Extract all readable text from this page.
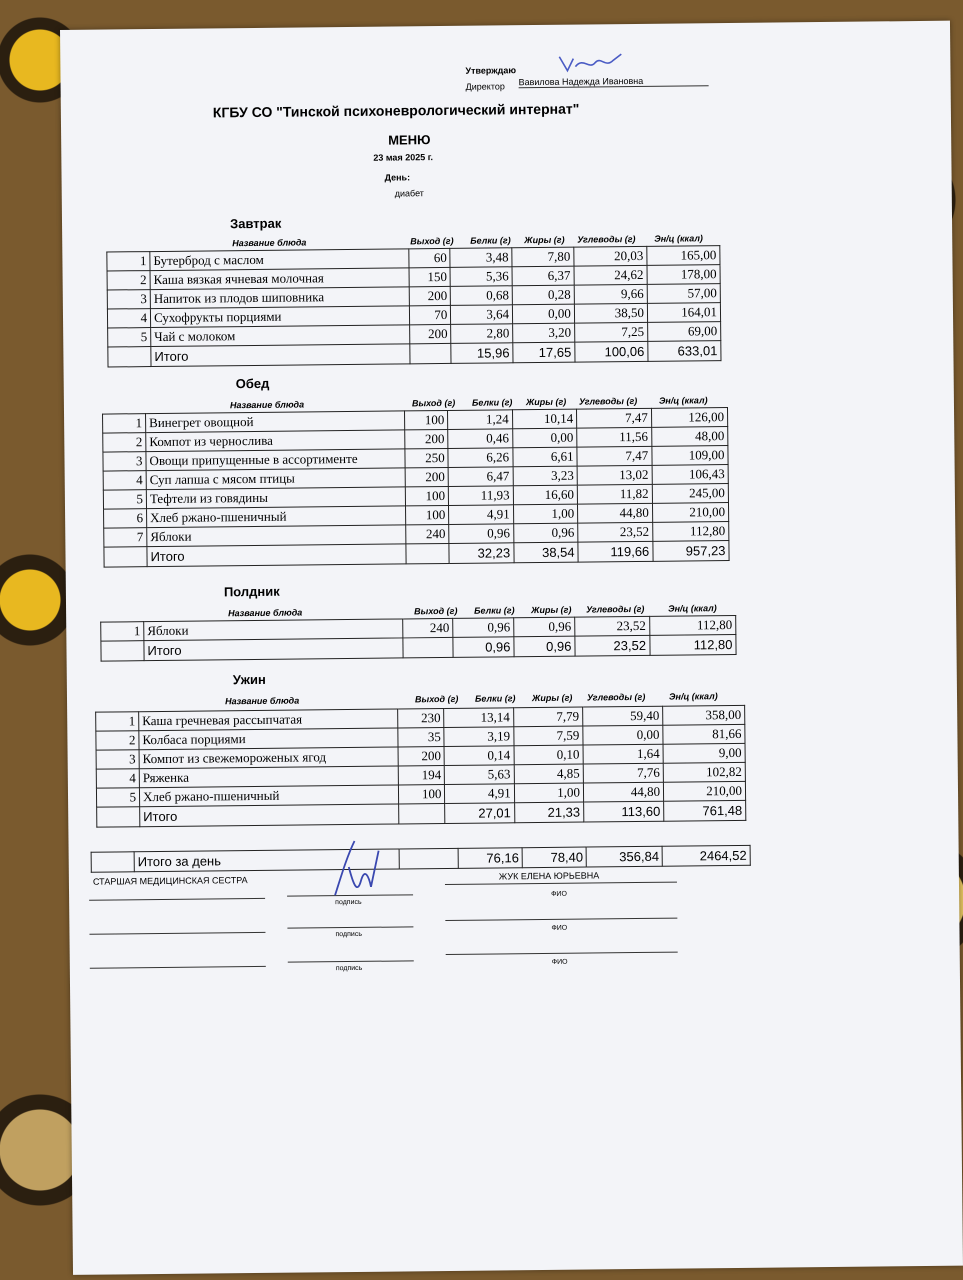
Утверждаю
Директор Вавилова Надежда Ивановна
КГБУ СО "Тинской психоневрологический интернат"
МЕНЮ
23 мая 2025 г.
День:
диабет
Завтрак
Название блюда	Выход (г) Белки (г) Жиры (г) Углеводы (г) Эн/ц (ккал)
1	Бутерброд с маслом	60	3,48	7,80	20,03	165,00
2	Каша вязкая ячневая молочная	150	5,36	6,37	24,62	178,00
3	Напиток из плодов шиповника	200	0,68	0,28	9,66	57,00
4	Сухофрукты порциями	70	3,64	0,00	38,50	164,01
5	Чай с молоком	200	2,80	3,20	7,25	69,00
	Итого		15,96	17,65	100,06	633,01
Обед
Название блюда	Выход (г) Белки (г) Жиры (г) Углеводы (г) Эн/ц (ккал)
1	Винегрет овощной	100	1,24	10,14	7,47	126,00
2	Компот из чернослива	200	0,46	0,00	11,56	48,00
3	Овощи припущенные в ассортименте	250	6,26	6,61	7,47	109,00
4	Суп лапша с мясом птицы	200	6,47	3,23	13,02	106,43
5	Тефтели из говядины	100	11,93	16,60	11,82	245,00
6	Хлеб ржано-пшеничный	100	4,91	1,00	44,80	210,00
7	Яблоки	240	0,96	0,96	23,52	112,80
	Итого		32,23	38,54	119,66	957,23
Полдник
Название блюда	Выход (г) Белки (г) Жиры (г) Углеводы (г)	Эн/ц (ккал)
1	Яблоки	240	0,96	0,96	23,52	112,80
	Итого		0,96	0,96	23,52	112,80
Ужин
Название блюда	Выход (г) Белки (г) Жиры (г) Углеводы (г)	Эн/ц (ккал)
1	Каша гречневая рассыпчатая	230	13,14	7,79	59,40	358,00
2	Колбаса порциями	35	3,19	7,59	0,00	81,66
3	Компот из свежемороженых ягод	200	0,14	0,10	1,64	9,00
4	Ряженка	194	5,63	4,85	7,76	102,82
5	Хлеб ржано-пшеничный	100	4,91	1,00	44,80	210,00
	Итого		27,01	21,33	113,60	761,48
	Итого за день		76,16	78,40	356,84	2464,52
СТАРШАЯ МЕДИЦИНСКАЯ СЕСТРА
подпись
ЖУК ЕЛЕНА ЮРЬЕВНА
ФИО
подпись
ФИО
подпись
ФИО
